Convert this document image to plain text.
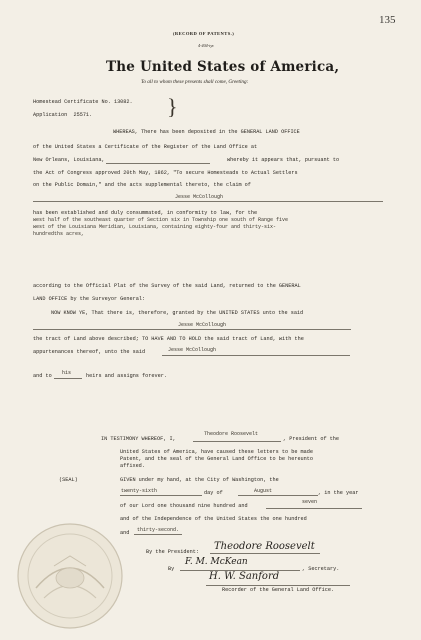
135
(RECORD OF PATENTS.)
4-404-tyr.
The United States of America,
To all to whom these presents shall come, Greeting:
Homestead Certificate No. 13082.
Application 25571.	}
WHEREAS, There has been deposited in the GENERAL LAND OFFICE
of the United States a Certificate of the Register of the Land Office at
New Orleans, Louisiana,	whereby it appears that, pursuant to
the Act of Congress approved 20th May, 1862, "To secure Homesteads to Actual Settlers
on the Public Domain," and the acts supplemental thereto, the claim of
Jesse McCollough
has been established and duly consummated, in conformity to law, for the
west half of the southeast quarter of Section six in Township one south of Range five
west of the Louisiana Meridian, Louisiana, containing eighty-four and thirty-six-
hundredths acres,
according to the Official Plat of the Survey of the said Land, returned to the GENERAL
LAND OFFICE by the Surveyor General:
NOW KNOW YE, That there is, therefore, granted by the UNITED STATES unto the said
Jesse McCollough
the tract of Land above described; TO HAVE AND TO HOLD the said tract of Land, with the
appurtenances thereof, unto the said	Jesse McCollough
and to his	heirs and assigns forever.
IN TESTIMONY WHEREOF, I,
Theodore Roosevelt
, President of the
United States of America, have caused these letters to be made
Patent, and the seal of the General Land Office to be hereunto
affixed.
(SEAL)	GIVEN under my hand, at the City of Washington, the
twenty-sixth	day of	August	, in the year
of our Lord one thousand nine hundred and
seven
and of the Independence of the United States the one hundred
and thirty-second.
By the President: Theodore Roosevelt
By
F. M. McKean
, Secretary.
H. W. Sanford
Recorder of the General Land Office.
